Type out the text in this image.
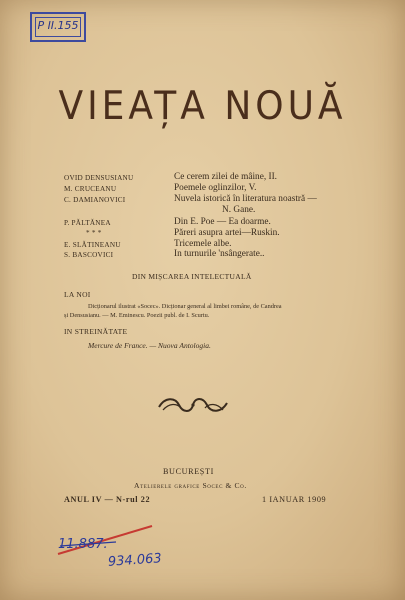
P II.155
VIEAȚA NOUĂ
OVID DENSUSIANU	Ce cerem zilei de mâine, II.
M. CRUCEANU	Poemele oglinzilor, V.
C. DAMIANOVICI	Nuvela istorică în literatura noastră —
N. Gane.
P. PĂLTĂNEA	Din E. Poe — Ea doarme.
* * *	Păreri asupra artei—Ruskin.
E. SLĂTINEANU	Tricemele albe.
S. BASCOVICI	In turnurile 'nsângerate..
DIN MIȘCAREA INTELECTUALĂ
LA NOI
Dicționarul ilustrat «Socec». Dicționar general al limbei române, de Candrea
și Densusianu. — M. Eminescu. Poezii publ. de I. Scurtu.
IN STREINĂTATE
Mercure de France. — Nuova Antologia.
BUCUREȘTI
Atelierele grafice Socec & Co.
ANUL IV — N-rul 22	1 IANUAR 1909
11.887.
934.063
